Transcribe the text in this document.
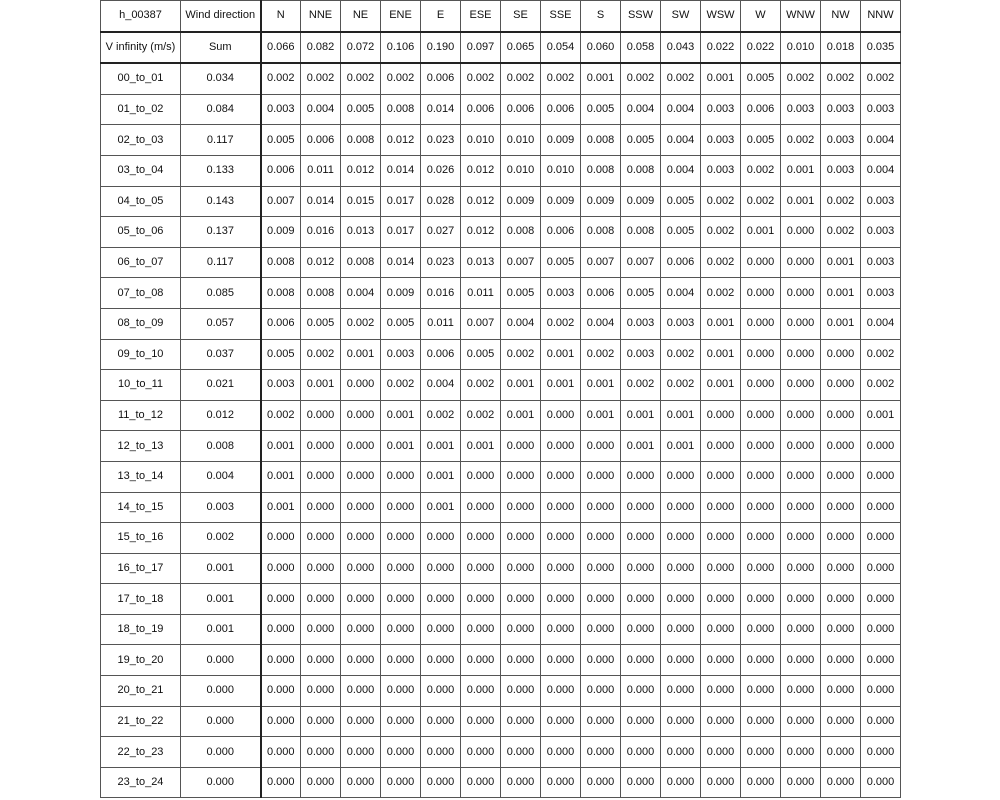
h_00387	Wind direction	N	NNE	NE	ENE	E	ESE	SE	SSE	S	SSW	SW	WSW	W	WNW	NW	NNW
V infinity (m/s)	Sum	0.066	0.082	0.072	0.106	0.190	0.097	0.065	0.054	0.060	0.058	0.043	0.022	0.022	0.010	0.018	0.035
00_to_01	0.034	0.002	0.002	0.002	0.002	0.006	0.002	0.002	0.002	0.001	0.002	0.002	0.001	0.005	0.002	0.002	0.002
01_to_02	0.084	0.003	0.004	0.005	0.008	0.014	0.006	0.006	0.006	0.005	0.004	0.004	0.003	0.006	0.003	0.003	0.003
02_to_03	0.117	0.005	0.006	0.008	0.012	0.023	0.010	0.010	0.009	0.008	0.005	0.004	0.003	0.005	0.002	0.003	0.004
03_to_04	0.133	0.006	0.011	0.012	0.014	0.026	0.012	0.010	0.010	0.008	0.008	0.004	0.003	0.002	0.001	0.003	0.004
04_to_05	0.143	0.007	0.014	0.015	0.017	0.028	0.012	0.009	0.009	0.009	0.009	0.005	0.002	0.002	0.001	0.002	0.003
05_to_06	0.137	0.009	0.016	0.013	0.017	0.027	0.012	0.008	0.006	0.008	0.008	0.005	0.002	0.001	0.000	0.002	0.003
06_to_07	0.117	0.008	0.012	0.008	0.014	0.023	0.013	0.007	0.005	0.007	0.007	0.006	0.002	0.000	0.000	0.001	0.003
07_to_08	0.085	0.008	0.008	0.004	0.009	0.016	0.011	0.005	0.003	0.006	0.005	0.004	0.002	0.000	0.000	0.001	0.003
08_to_09	0.057	0.006	0.005	0.002	0.005	0.011	0.007	0.004	0.002	0.004	0.003	0.003	0.001	0.000	0.000	0.001	0.004
09_to_10	0.037	0.005	0.002	0.001	0.003	0.006	0.005	0.002	0.001	0.002	0.003	0.002	0.001	0.000	0.000	0.000	0.002
10_to_11	0.021	0.003	0.001	0.000	0.002	0.004	0.002	0.001	0.001	0.001	0.002	0.002	0.001	0.000	0.000	0.000	0.002
11_to_12	0.012	0.002	0.000	0.000	0.001	0.002	0.002	0.001	0.000	0.001	0.001	0.001	0.000	0.000	0.000	0.000	0.001
12_to_13	0.008	0.001	0.000	0.000	0.001	0.001	0.001	0.000	0.000	0.000	0.001	0.001	0.000	0.000	0.000	0.000	0.000
13_to_14	0.004	0.001	0.000	0.000	0.000	0.001	0.000	0.000	0.000	0.000	0.000	0.000	0.000	0.000	0.000	0.000	0.000
14_to_15	0.003	0.001	0.000	0.000	0.000	0.001	0.000	0.000	0.000	0.000	0.000	0.000	0.000	0.000	0.000	0.000	0.000
15_to_16	0.002	0.000	0.000	0.000	0.000	0.000	0.000	0.000	0.000	0.000	0.000	0.000	0.000	0.000	0.000	0.000	0.000
16_to_17	0.001	0.000	0.000	0.000	0.000	0.000	0.000	0.000	0.000	0.000	0.000	0.000	0.000	0.000	0.000	0.000	0.000
17_to_18	0.001	0.000	0.000	0.000	0.000	0.000	0.000	0.000	0.000	0.000	0.000	0.000	0.000	0.000	0.000	0.000	0.000
18_to_19	0.001	0.000	0.000	0.000	0.000	0.000	0.000	0.000	0.000	0.000	0.000	0.000	0.000	0.000	0.000	0.000	0.000
19_to_20	0.000	0.000	0.000	0.000	0.000	0.000	0.000	0.000	0.000	0.000	0.000	0.000	0.000	0.000	0.000	0.000	0.000
20_to_21	0.000	0.000	0.000	0.000	0.000	0.000	0.000	0.000	0.000	0.000	0.000	0.000	0.000	0.000	0.000	0.000	0.000
21_to_22	0.000	0.000	0.000	0.000	0.000	0.000	0.000	0.000	0.000	0.000	0.000	0.000	0.000	0.000	0.000	0.000	0.000
22_to_23	0.000	0.000	0.000	0.000	0.000	0.000	0.000	0.000	0.000	0.000	0.000	0.000	0.000	0.000	0.000	0.000	0.000
23_to_24	0.000	0.000	0.000	0.000	0.000	0.000	0.000	0.000	0.000	0.000	0.000	0.000	0.000	0.000	0.000	0.000	0.000
